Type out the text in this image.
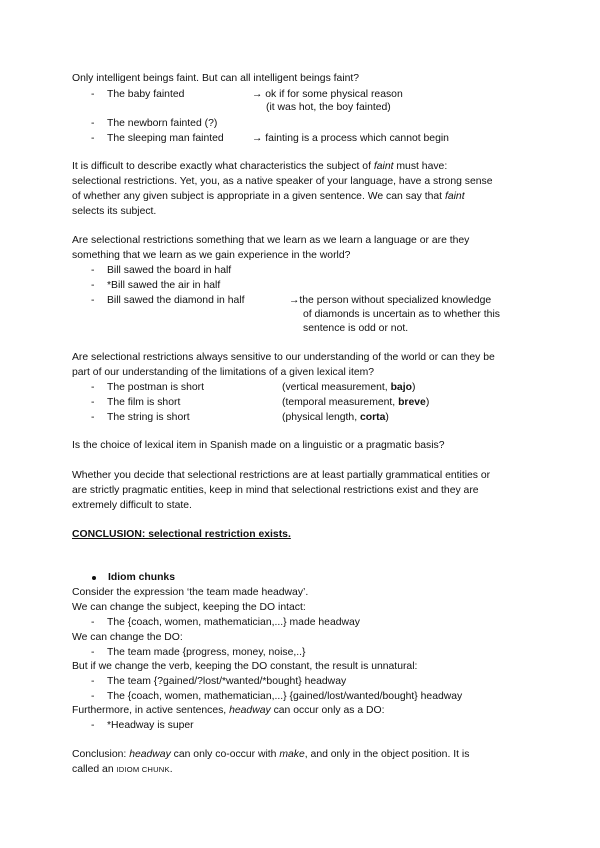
Only intelligent beings faint. But can all intelligent beings faint?
- The baby fainted	→ ok if for some physical reason
(it was hot, the boy fainted)
- The newborn fainted (?)
- The sleeping man fainted	→ fainting is a process which cannot begin
It is difficult to describe exactly what characteristics the subject of faint must have:
selectional restrictions. Yet, you, as a native speaker of your language, have a strong sense
of whether any given subject is appropriate in a given sentence. We can say that faint
selects its subject.
Are selectional restrictions something that we learn as we learn a language or are they
something that we learn as we gain experience in the world?
- Bill sawed the board in half
- *Bill sawed the air in half
- Bill sawed the diamond in half	→the person without specialized knowledge
of diamonds is uncertain as to whether this
sentence is odd or not.
Are selectional restrictions always sensitive to our understanding of the world or can they be
part of our understanding of the limitations of a given lexical item?
- The postman is short	(vertical measurement, bajo)
- The film is short	(temporal measurement, breve)
- The string is short	(physical length, corta)
Is the choice of lexical item in Spanish made on a linguistic or a pragmatic basis?
Whether you decide that selectional restrictions are at least partially grammatical entities or
are strictly pragmatic entities, keep in mind that selectional restrictions exist and they are
extremely difficult to state.
CONCLUSION: selectional restriction exists.
Idiom chunks
Consider the expression ‘the team made headway’.
We can change the subject, keeping the DO intact:
- The {coach, women, mathematician,...} made headway
We can change the DO:
- The team made {progress, money, noise,..}
But if we change the verb, keeping the DO constant, the result is unnatural:
- The team {?gained/?lost/*wanted/*bought} headway
- The {coach, women, mathematician,...} {gained/lost/wanted/bought} headway
Furthermore, in active sentences, headway can occur only as a DO:
- *Headway is super
Conclusion: headway can only co-occur with make, and only in the object position. It is
called an IDIOM CHUNK.
